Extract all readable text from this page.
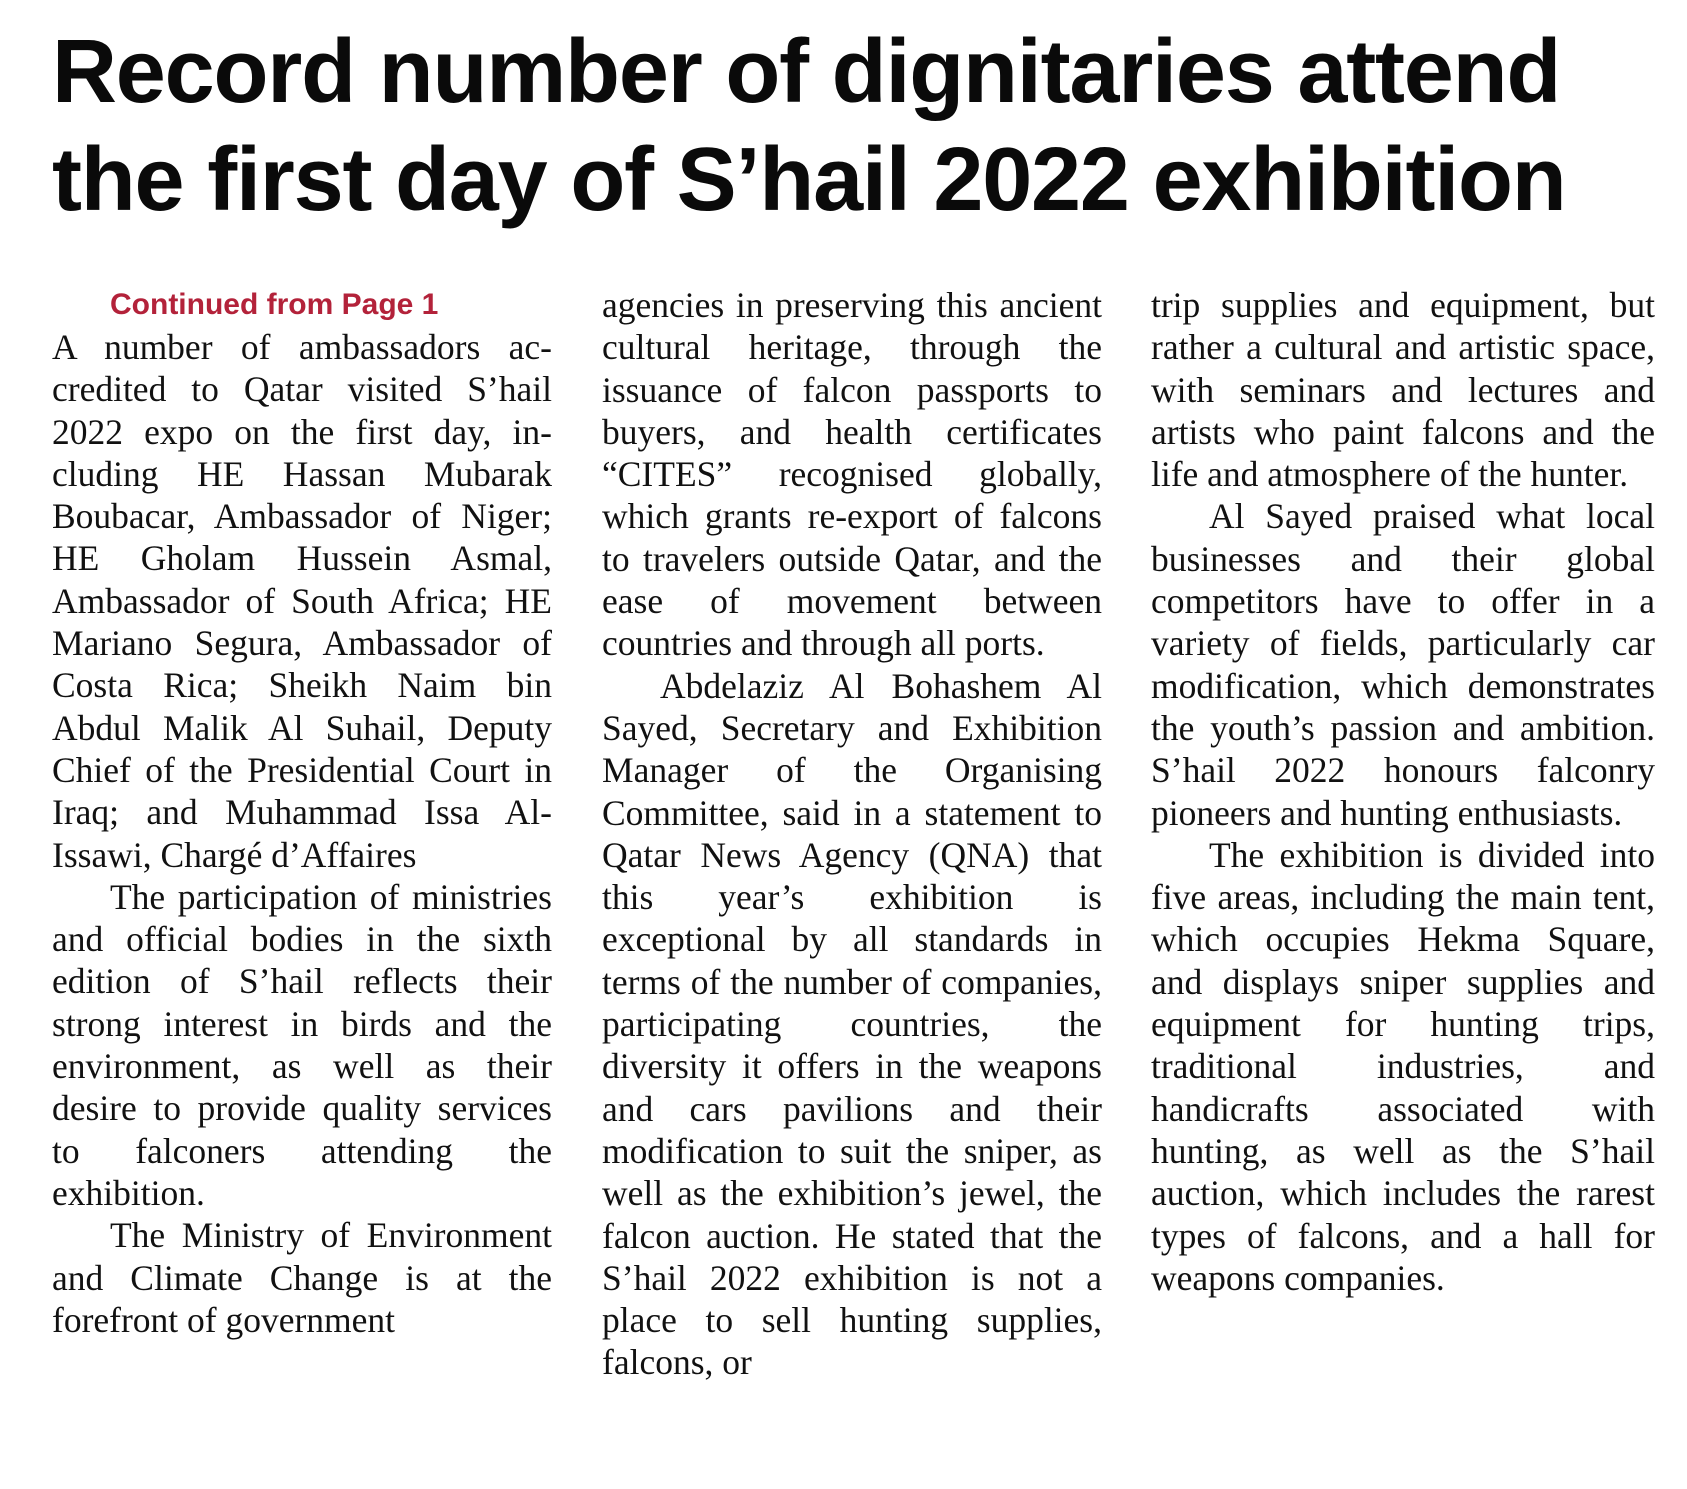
Record number of dignitaries attend
the first day of S’hail 2022 exhibition

Continued from Page 1

A number of ambassadors accredited to Qatar visited S’hail 2022 expo on the first day, including HE Hassan Mubarak Boubacar, Ambassador of Niger; HE Gholam Hussein Asmal, Ambassador of South Africa; HE Mariano Segura, Ambassador of Costa Rica; Sheikh Naim bin Abdul Malik Al Suhail, Deputy Chief of the Presidential Court in Iraq; and Muhammad Issa Al-Issawi, Chargé d’Affaires

The participation of ministries and official bodies in the sixth edition of S’hail reflects their strong interest in birds and the environment, as well as their desire to provide quality services to falconers attending the exhibition.

The Ministry of Environment and Climate Change is at the forefront of government

agencies in preserving this ancient cultural heritage, through the issuance of falcon passports to buyers, and health certificates “CITES” recognised globally, which grants re-export of falcons to travelers outside Qatar, and the ease of movement between countries and through all ports.

Abdelaziz Al Bohashem Al Sayed, Secretary and Exhibition Manager of the Organising Committee, said in a statement to Qatar News Agency (QNA) that this year’s exhibition is exceptional by all standards in terms of the number of companies, participating countries, the diversity it offers in the weapons and cars pavilions and their modification to suit the sniper, as well as the exhibition’s jewel, the falcon auction. He stated that the S’hail 2022 exhibition is not a place to sell hunting supplies, falcons, or

trip supplies and equipment, but rather a cultural and artistic space, with seminars and lectures and artists who paint falcons and the life and atmosphere of the hunter.

Al Sayed praised what local businesses and their global competitors have to offer in a variety of fields, particularly car modification, which demonstrates the youth’s passion and ambition. S’hail 2022 honours falconry pioneers and hunting enthusiasts.

The exhibition is divided into five areas, including the main tent, which occupies Hekma Square, and displays sniper supplies and equipment for hunting trips, traditional industries, and handicrafts associated with hunting, as well as the S’hail auction, which includes the rarest types of falcons, and a hall for weapons companies.
